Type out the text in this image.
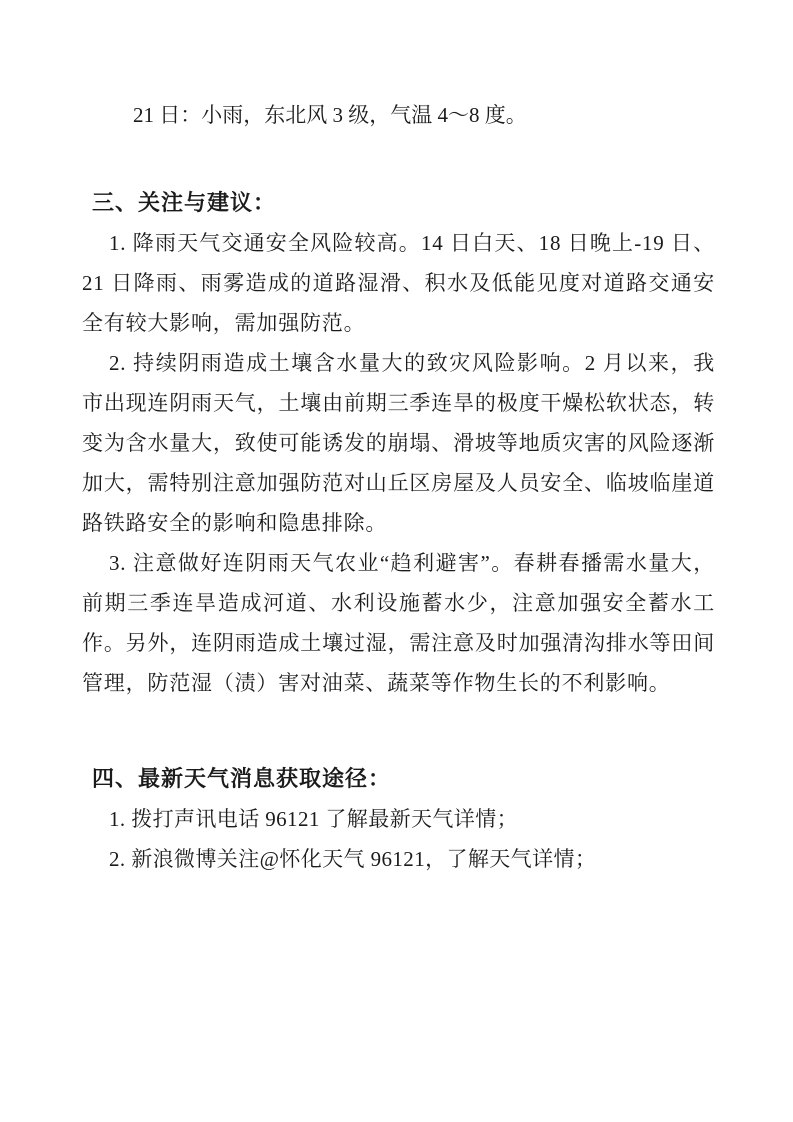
21 日：小雨，东北风 3 级，气温 4～8 度。

三、关注与建议：

1. 降雨天气交通安全风险较高。14 日白天、18 日晚上-19 日、21 日降雨、雨雾造成的道路湿滑、积水及低能见度对道路交通安全有较大影响，需加强防范。

2. 持续阴雨造成土壤含水量大的致灾风险影响。2 月以来，我市出现连阴雨天气，土壤由前期三季连旱的极度干燥松软状态，转变为含水量大，致使可能诱发的崩塌、滑坡等地质灾害的风险逐渐加大，需特别注意加强防范对山丘区房屋及人员安全、临坡临崖道路铁路安全的影响和隐患排除。

3. 注意做好连阴雨天气农业“趋利避害”。春耕春播需水量大，前期三季连旱造成河道、水利设施蓄水少，注意加强安全蓄水工作。另外，连阴雨造成土壤过湿，需注意及时加强清沟排水等田间管理，防范湿（渍）害对油菜、蔬菜等作物生长的不利影响。

四、最新天气消息获取途径：

1. 拨打声讯电话 96121 了解最新天气详情；

2. 新浪微博关注@怀化天气 96121，了解天气详情；
